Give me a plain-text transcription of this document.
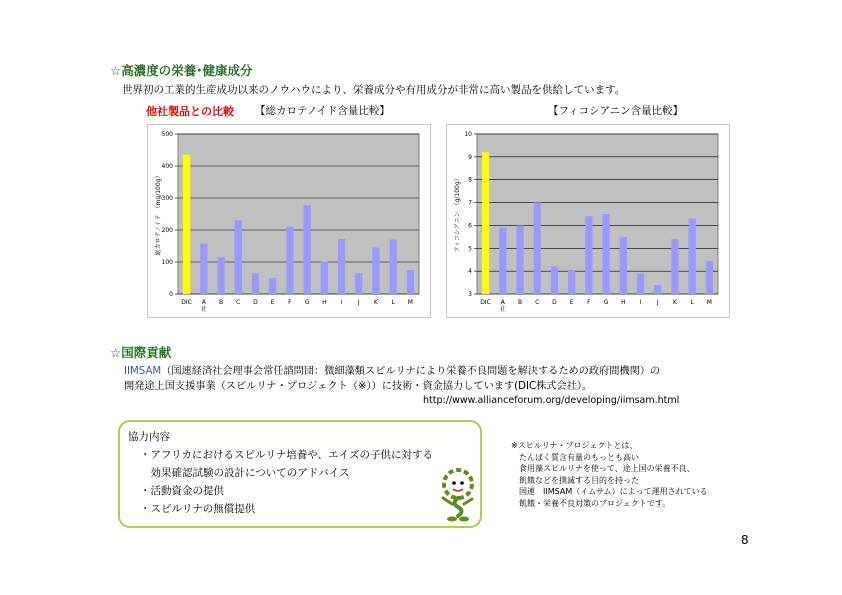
☆高濃度の栄養･健康成分
世界初の工業的生産成功以来のノウハウにより、栄養成分や有用成分が非常に高い製品を供給しています。
他社製品との比較 【総カロテノイド含量比較】	【フィコシアニン含量比較】
0
100
200
300
400
500
DIC A 社
B C D E F G H I	J K L M
総カロテノイド　（mg/100g）
3
4
5
6
7
8
9
10
DIC A 社
B C D E F G H I	J K L M
フィコシアニン　（g/100g）
☆国際貢献
IIMSAM（国連経済社会理事会常任諮問団：微細藻類スピルリナにより栄養不良問題を解決するための政府間機関）の
開発途上国支援事業（スピルリナ・プロジェクト（※））に技術・資金協力しています(DIC株式会社）。
http://www.allianceforum.org/developing/iimsam.html
協力内容
・アフリカにおけるスピルリナ培養や、エイズの子供に対する
　効果確認試験の設計についてのアドバイス
・活動資金の提供
・スピルリナの無償提供
※スピルリナ・プロジェクトとは、
　たんぱく質含有量のもっとも高い
　食用藻スピルリナを使って、途上国の栄養不良、
　飢餓などを撲滅する目的を持った
　国連　IIMSAM（イムサム）によって運用されている
　飢餓・栄養不良対策のプロジェクトです。
8
